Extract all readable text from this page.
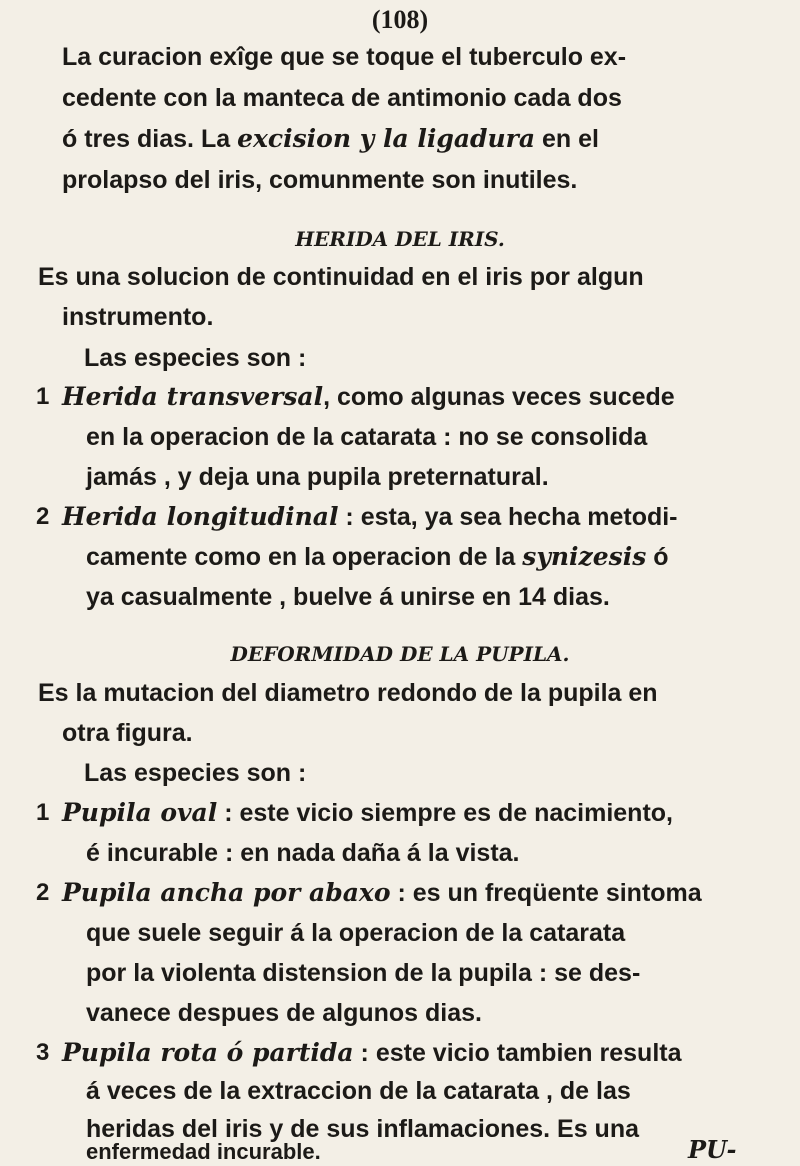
(108)
La curacion exîge que se toque el tuberculo ex-
cedente con la manteca de antimonio cada dos
ó tres dias. La excision y la ligadura en el
prolapso del iris, comunmente son inutiles.
HERIDA DEL IRIS.
Es una solucion de continuidad en el iris por algun
instrumento.
Las especies son :
1 Herida transversal, como algunas veces sucede
en la operacion de la catarata : no se consolida
jamás , y deja una pupila preternatural.
2 Herida longitudinal : esta, ya sea hecha metodi-
camente como en la operacion de la synizesis ó
ya casualmente , buelve á unirse en 14 dias.
DEFORMIDAD DE LA PUPILA.
Es la mutacion del diametro redondo de la pupila en
otra figura.
Las especies son :
1 Pupila oval : este vicio siempre es de nacimiento,
é incurable : en nada daña á la vista.
2 Pupila ancha por abaxo : es un freqüente sintoma
que suele seguir á la operacion de la catarata
por la violenta distension de la pupila : se des-
vanece despues de algunos dias.
3 Pupila rota ó partida : este vicio tambien resulta
á veces de la extraccion de la catarata , de las
heridas del iris y de sus inflamaciones. Es una
enfermedad incurable.	PU-
